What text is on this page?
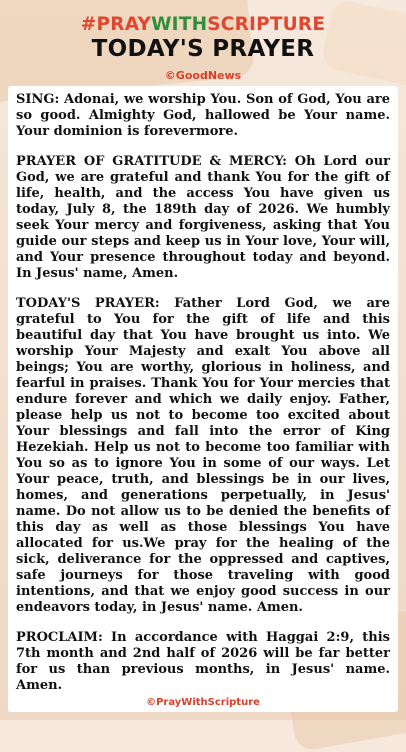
#PRAYWITHSCRIPTURE
TODAY'S PRAYER
©GoodNews

SING: Adonai, we worship You. Son of God, You are so good. Almighty God, hallowed be Your name. Your dominion is forevermore.

PRAYER OF GRATITUDE & MERCY: Oh Lord our God, we are grateful and thank You for the gift of life, health, and the access You have given us today, July 8, the 189th day of 2026. We humbly seek Your mercy and forgiveness, asking that You guide our steps and keep us in Your love, Your will, and Your presence throughout today and beyond. In Jesus' name, Amen.

TODAY'S PRAYER: Father Lord God, we are grateful to You for the gift of life and this beautiful day that You have brought us into. We worship Your Majesty and exalt You above all beings; You are worthy, glorious in holiness, and fearful in praises. Thank You for Your mercies that endure forever and which we daily enjoy. Father, please help us not to become too excited about Your blessings and fall into the error of King Hezekiah. Help us not to become too familiar with You so as to ignore You in some of our ways. Let Your peace, truth, and blessings be in our lives, homes, and generations perpetually, in Jesus' name. Do not allow us to be denied the benefits of this day as well as those blessings You have allocated for us.We pray for the healing of the sick, deliverance for the oppressed and captives, safe journeys for those traveling with good intentions, and that we enjoy good success in our endeavors today, in Jesus' name. Amen.

PROCLAIM: In accordance with Haggai 2:9, this 7th month and 2nd half of 2026 will be far better for us than previous months, in Jesus' name. Amen.

©PrayWithScripture
